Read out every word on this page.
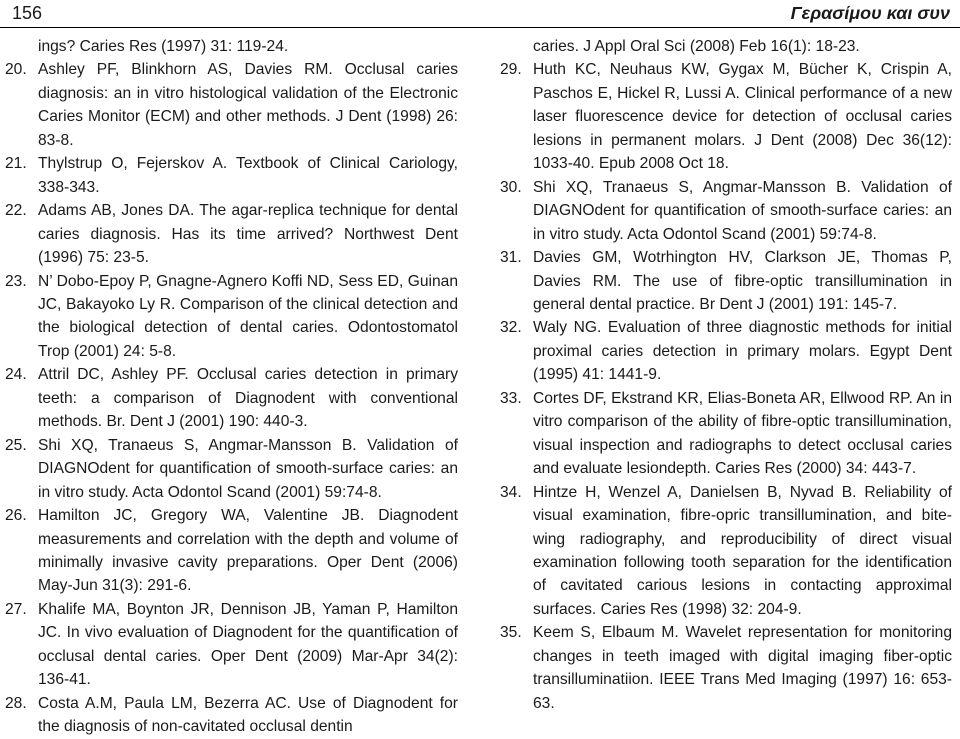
156	Γερασίμου και συν
ings? Caries Res (1997) 31: 119-24.
20. Ashley PF, Blinkhorn AS, Davies RM. Occlusal caries diagnosis: an in vitro histological validation of the Electronic Caries Monitor (ECM) and other methods. J Dent (1998) 26: 83-8.
21. Thylstrup O, Fejerskov A. Textbook of Clinical Cariology, 338-343.
22. Adams AB, Jones DA. The agar-replica technique for dental caries diagnosis. Has its time arrived? Northwest Dent (1996) 75: 23-5.
23. N’ Dobo-Epoy P, Gnagne-Agnero Koffi ND, Sess ED, Guinan JC, Bakayoko Ly R. Comparison of the clinical detection and the biological detection of dental caries. Odontostomatol Trop (2001) 24: 5-8.
24. Attril DC, Ashley PF. Occlusal caries detection in primary teeth: a comparison of Diagnodent with conventional methods. Br. Dent J (2001) 190: 440-3.
25. Shi XQ, Tranaeus S, Angmar-Mansson B. Validation of DIAGNOdent for quantification of smooth-surface caries: an in vitro study. Acta Odontol Scand (2001) 59:74-8.
26. Hamilton JC, Gregory WA, Valentine JB. Diagnodent measurements and correlation with the depth and volume of minimally invasive cavity preparations. Oper Dent (2006) May-Jun 31(3): 291-6.
27. Khalife MA, Boynton JR, Dennison JB, Yaman P, Hamilton JC. In vivo evaluation of Diagnodent for the quantification of occlusal dental caries. Oper Dent (2009) Mar-Apr 34(2): 136-41.
28. Costa A.M, Paula LM, Bezerra AC. Use of Diagnodent for the diagnosis of non-cavitated occlusal dentin
caries. J Appl Oral Sci (2008) Feb 16(1): 18-23.
29. Huth KC, Neuhaus KW, Gygax M, Bücher K, Crispin A, Paschos E, Hickel R, Lussi A. Clinical performance of a new laser fluorescence device for detection of occlusal caries lesions in permanent molars. J Dent (2008) Dec 36(12): 1033-40. Epub 2008 Oct 18.
30. Shi XQ, Tranaeus S, Angmar-Mansson B. Validation of DIAGNOdent for quantification of smooth-surface caries: an in vitro study. Acta Odontol Scand (2001) 59:74-8.
31. Davies GM, Wotrhington HV, Clarkson JE, Thomas P, Davies RM. The use of fibre-optic transillumination in general dental practice. Br Dent J (2001) 191: 145-7.
32. Waly NG. Evaluation of three diagnostic methods for initial proximal caries detection in primary molars. Egypt Dent (1995) 41: 1441-9.
33. Cortes DF, Ekstrand KR, Elias-Boneta AR, Ellwood RP. An in vitro comparison of the ability of fibre-optic transillumination, visual inspection and radiographs to detect occlusal caries and evaluate lesiondepth. Caries Res (2000) 34: 443-7.
34. Hintze H, Wenzel A, Danielsen B, Nyvad B. Reliability of visual examination, fibre-opric transillumination, and bite-wing radiography, and reproducibility of direct visual examination following tooth separation for the identification of cavitated carious lesions in contacting approximal surfaces. Caries Res (1998) 32: 204-9.
35. Keem S, Elbaum M. Wavelet representation for monitoring changes in teeth imaged with digital imaging fiber-optic transilluminatiion. IEEE Trans Med Imaging (1997) 16: 653-63.
